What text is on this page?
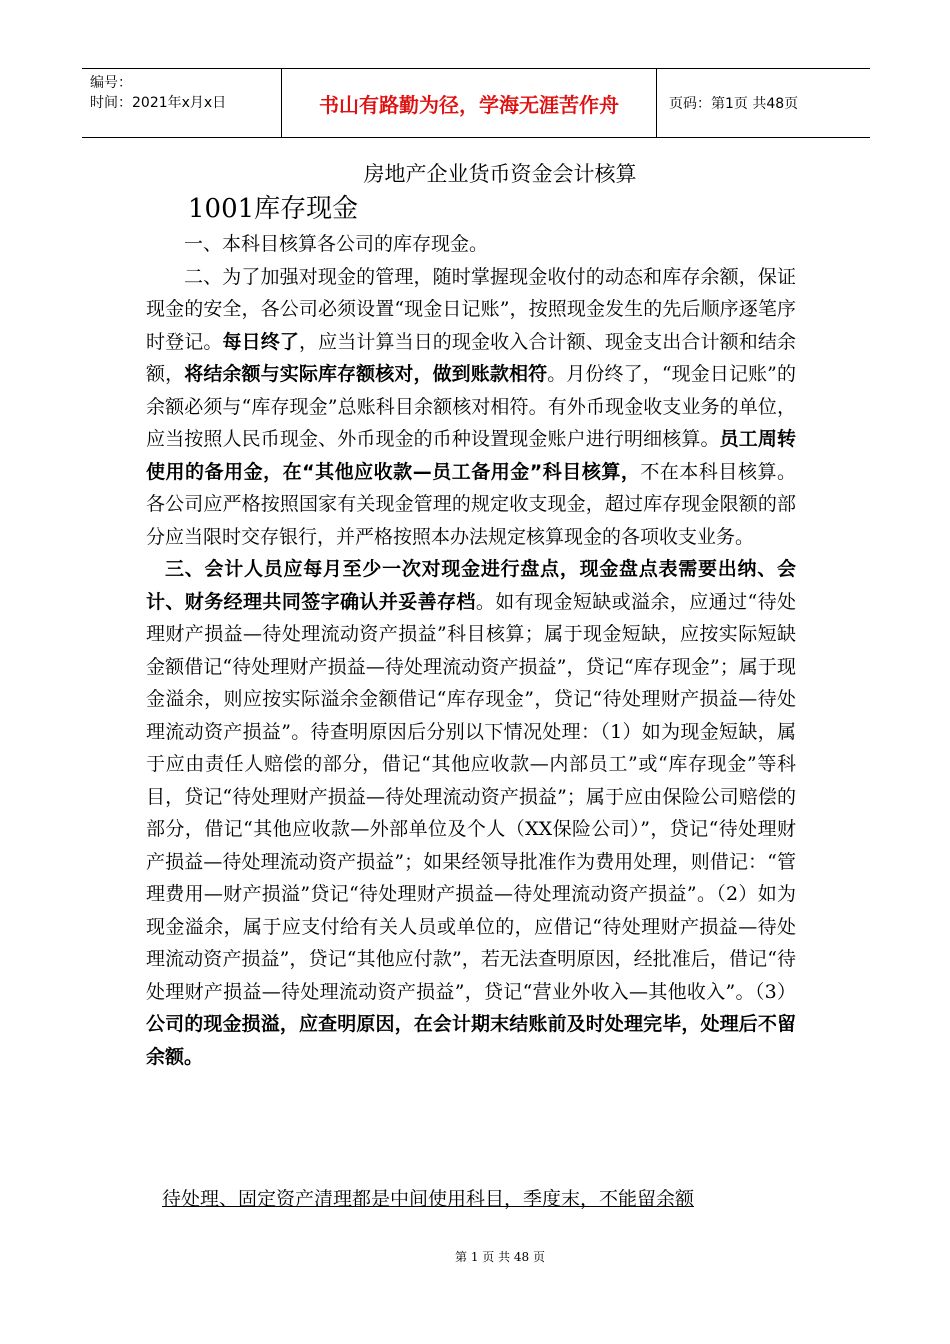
编号：
时间：2021年x月x日	书山有路勤为径，学海无涯苦作舟	页码：第1页 共48页
房地产企业货币资金会计核算
1001库存现金

一、本科目核算各公司的库存现金。

二、为了加强对现金的管理，随时掌握现金收付的动态和库存余额，保证现金的安全，各公司必须设置“现金日记账”，按照现金发生的先后顺序逐笔序时登记。每日终了，应当计算当日的现金收入合计额、现金支出合计额和结余额，将结余额与实际库存额核对，做到账款相符。月份终了，“现金日记账”的余额必须与“库存现金”总账科目余额核对相符。有外币现金收支业务的单位，应当按照人民币现金、外币现金的币种设置现金账户进行明细核算。员工周转使用的备用金，在“其他应收款—员工备用金”科目核算，不在本科目核算。各公司应严格按照国家有关现金管理的规定收支现金，超过库存现金限额的部分应当限时交存银行，并严格按照本办法规定核算现金的各项收支业务。

三、会计人员应每月至少一次对现金进行盘点，现金盘点表需要出纳、会计、财务经理共同签字确认并妥善存档。如有现金短缺或溢余，应通过“待处理财产损益—待处理流动资产损益”科目核算；属于现金短缺，应按实际短缺金额借记“待处理财产损益—待处理流动资产损益”，贷记“库存现金”；属于现金溢余，则应按实际溢余金额借记“库存现金”，贷记“待处理财产损益—待处理流动资产损益”。待查明原因后分别以下情况处理：（1）如为现金短缺，属于应由责任人赔偿的部分，借记“其他应收款—内部员工”或“库存现金”等科目，贷记“待处理财产损益—待处理流动资产损益”；属于应由保险公司赔偿的部分，借记“其他应收款—外部单位及个人（XX保险公司）”，贷记“待处理财产损益—待处理流动资产损益”；如果经领导批准作为费用处理，则借记：“管理费用—财产损溢”贷记“待处理财产损益—待处理流动资产损益”。（2）如为现金溢余，属于应支付给有关人员或单位的，应借记“待处理财产损益—待处理流动资产损益”，贷记“其他应付款”，若无法查明原因，经批准后，借记“待处理财产损益—待处理流动资产损益”，贷记“营业外收入—其他收入”。（3）公司的现金损溢，应查明原因，在会计期末结账前及时处理完毕，处理后不留余额。

待处理、固定资产清理都是中间使用科目，季度末，不能留余额
第 1 页 共 48 页
